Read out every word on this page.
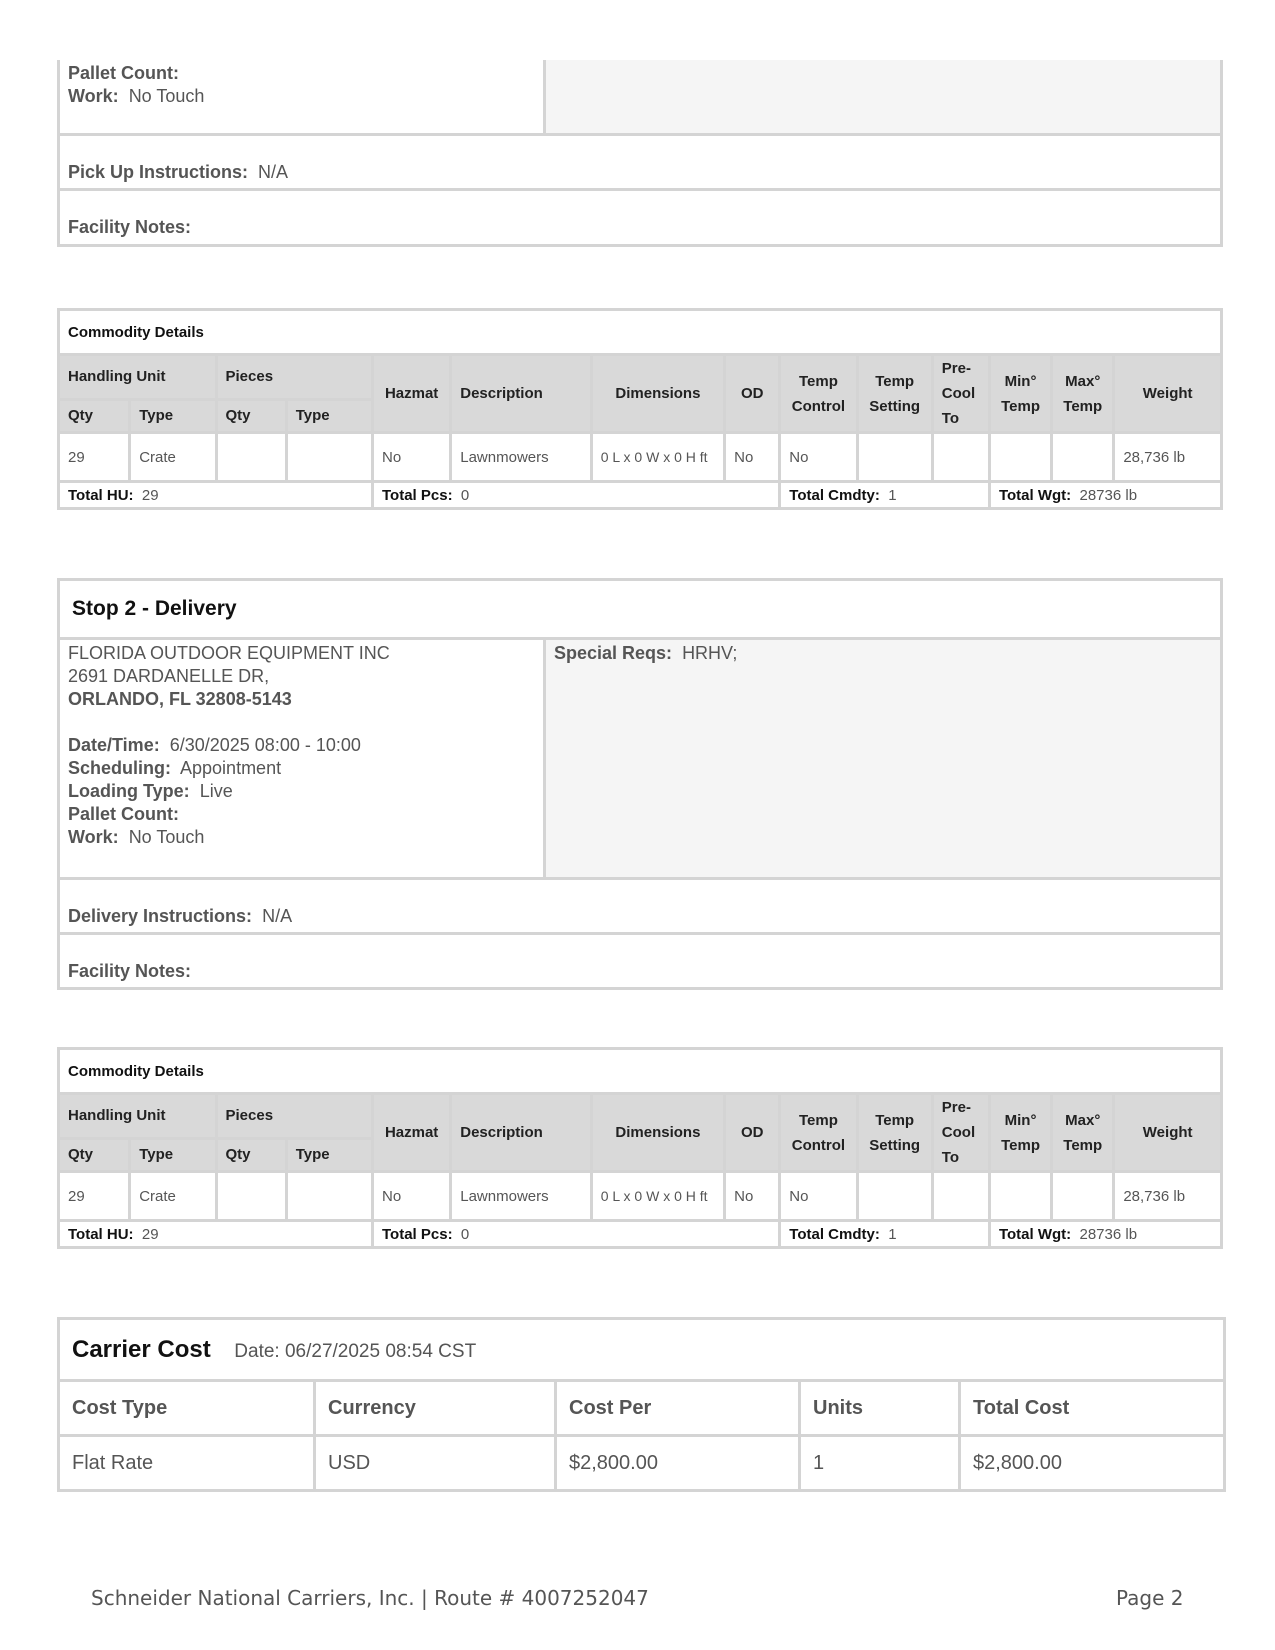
Pallet Count:
Work: No Touch
Pick Up Instructions: N/A
Facility Notes:
Commodity Details													
Handling Unit		Pieces		Hazmat	Description	Dimensions	OD	Temp Control	Temp Setting	Pre-Cool To	Min° Temp	Max° Temp	Weight
Qty	Type	Qty	Type										
29	Crate			No	Lawnmowers	0 L x 0 W x 0 H ft	No	No					28,736 lb
Total HU: 29				Total Pcs: 0				Total Cmdty: 1			Total Wgt: 28736 lb		
Stop 2 - Delivery
Special Reqs: HRHV;
FLORIDA OUTDOOR EQUIPMENT INC
2691 DARDANELLE DR,
ORLANDO, FL 32808-5143
Date/Time: 6/30/2025 08:00 - 10:00
Scheduling: Appointment
Loading Type: Live
Pallet Count:
Work: No Touch
Delivery Instructions: N/A
Facility Notes:
Commodity Details													
Handling Unit		Pieces		Hazmat	Description	Dimensions	OD	Temp Control	Temp Setting	Pre-Cool To	Min° Temp	Max° Temp	Weight
Qty	Type	Qty	Type										
29	Crate			No	Lawnmowers	0 L x 0 W x 0 H ft	No	No					28,736 lb
Total HU: 29				Total Pcs: 0				Total Cmdty: 1			Total Wgt: 28736 lb		
Carrier Cost Date: 06/27/2025 08:54 CST				
Cost Type	Currency	Cost Per	Units	Total Cost
Flat Rate	USD	$2,800.00	1	$2,800.00
Schneider National Carriers, Inc. | Route # 4007252047	Page 2
